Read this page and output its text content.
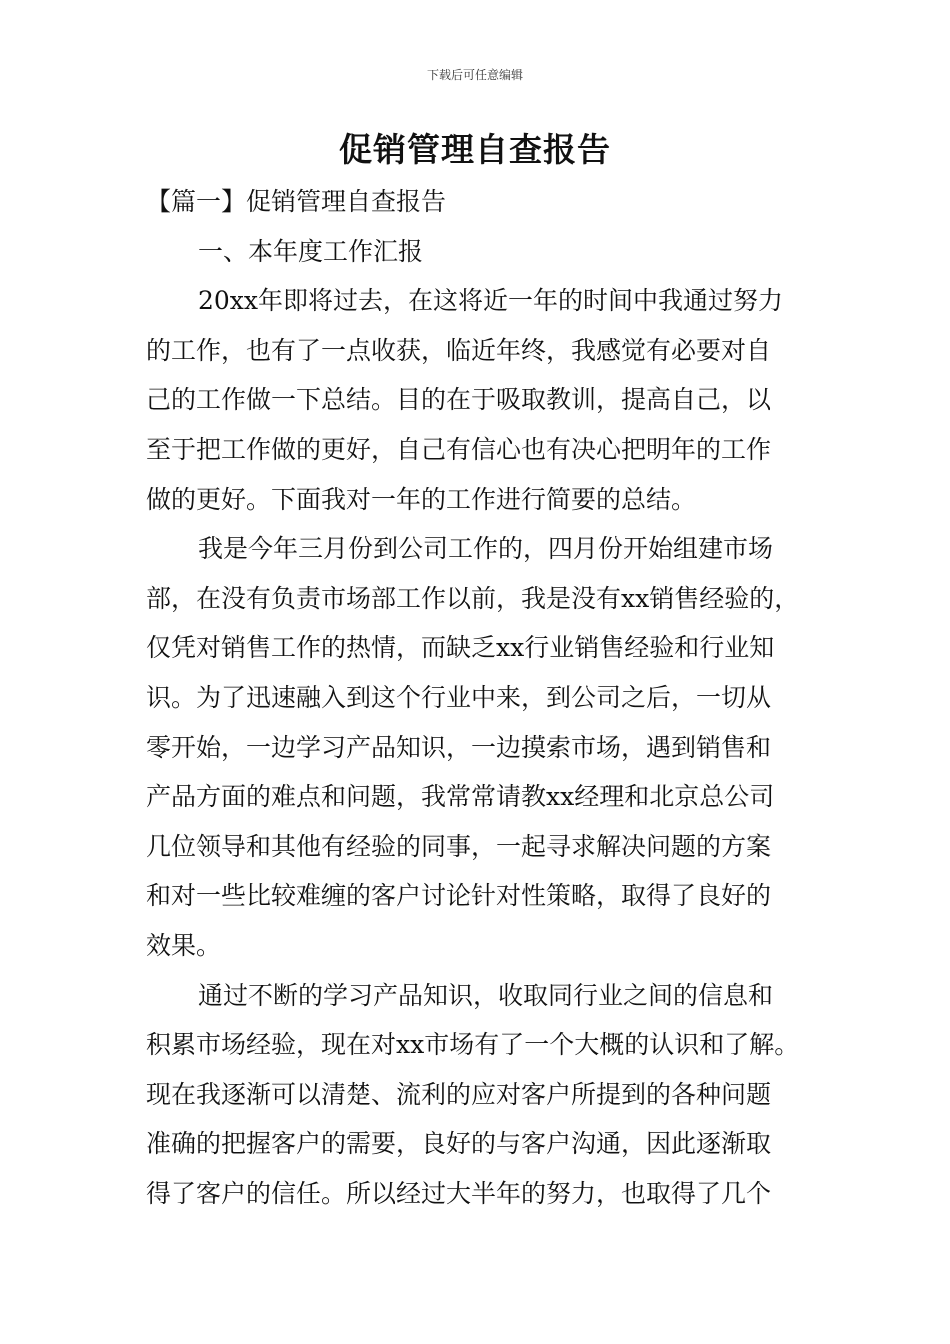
下载后可任意编辑
促销管理自查报告
【篇一】促销管理自查报告
一、本年度工作汇报
20xx年即将过去，在这将近一年的时间中我通过努力
的工作，也有了一点收获，临近年终，我感觉有必要对自
己的工作做一下总结。目的在于吸取教训，提高自己，以
至于把工作做的更好，自己有信心也有决心把明年的工作
做的更好。下面我对一年的工作进行简要的总结。
我是今年三月份到公司工作的，四月份开始组建市场
部，在没有负责市场部工作以前，我是没有xx销售经验的，
仅凭对销售工作的热情，而缺乏xx行业销售经验和行业知
识。为了迅速融入到这个行业中来，到公司之后，一切从
零开始，一边学习产品知识，一边摸索市场，遇到销售和
产品方面的难点和问题，我常常请教xx经理和北京总公司
几位领导和其他有经验的同事，一起寻求解决问题的方案
和对一些比较难缠的客户讨论针对性策略，取得了良好的
效果。
通过不断的学习产品知识，收取同行业之间的信息和
积累市场经验，现在对xx市场有了一个大概的认识和了解。
现在我逐渐可以清楚、流利的应对客户所提到的各种问题
准确的把握客户的需要，良好的与客户沟通，因此逐渐取
得了客户的信任。所以经过大半年的努力，也取得了几个
